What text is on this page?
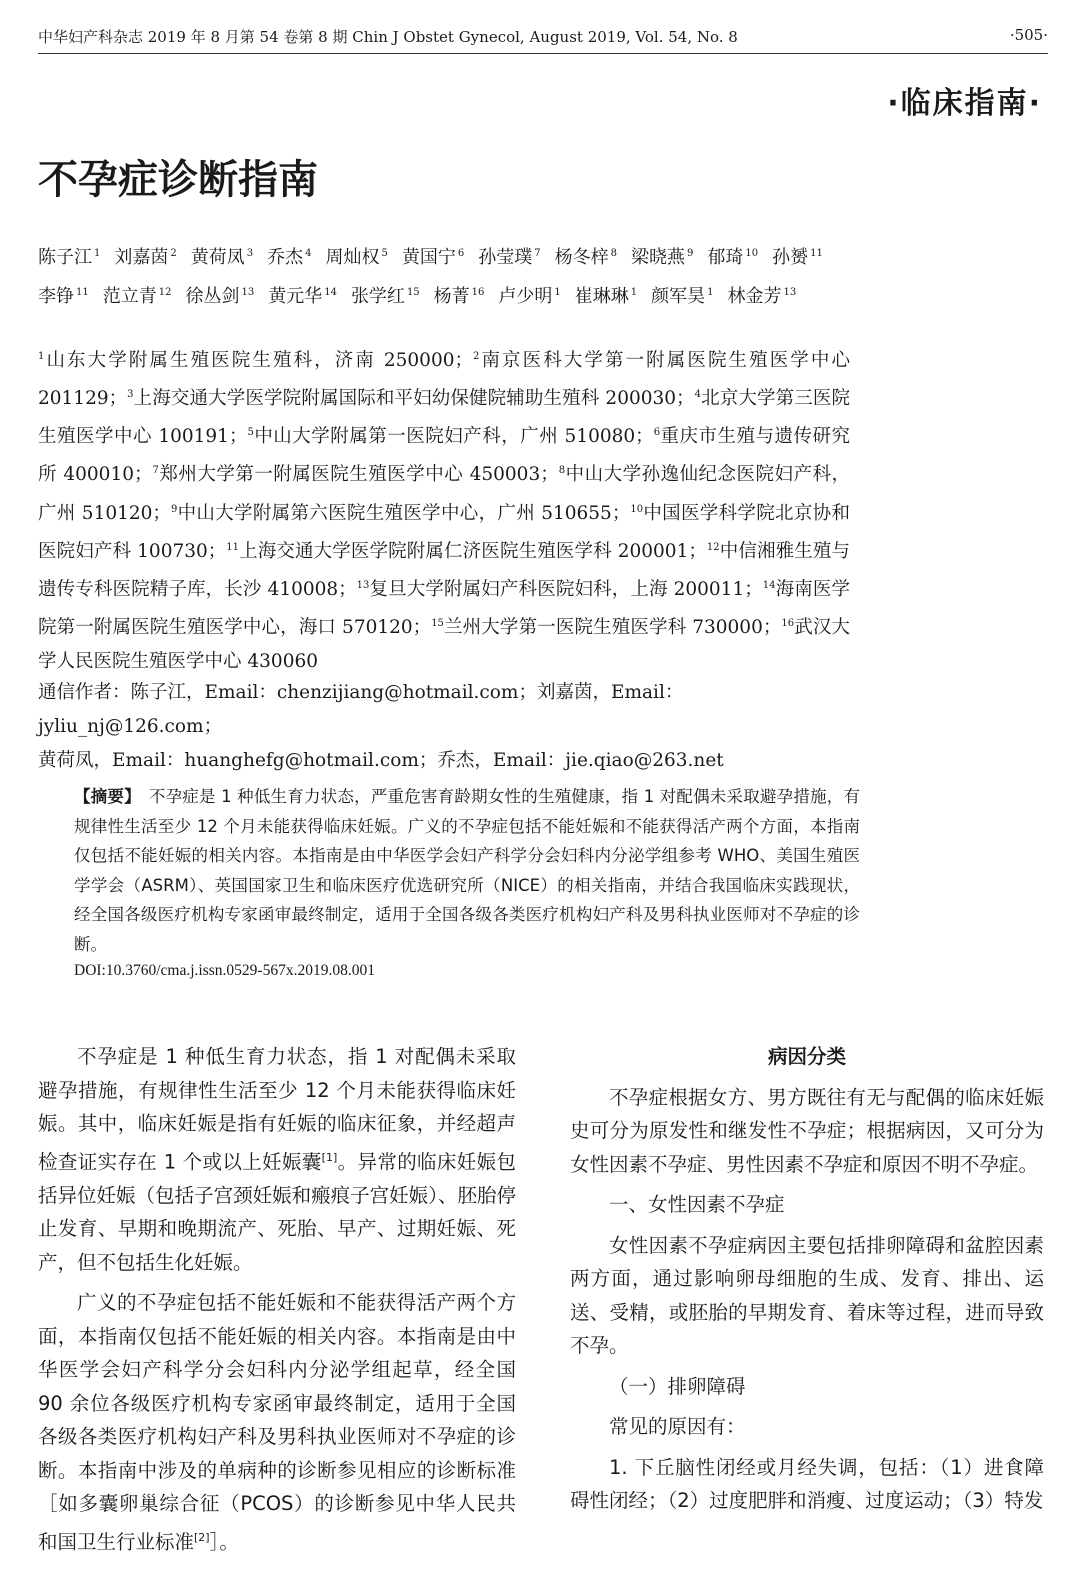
中华妇产科杂志 2019 年 8 月第 54 卷第 8 期 Chin J Obstet Gynecol, August 2019, Vol. 54, No. 8	·505·
·临床指南·
不孕症诊断指南
陈子江 $^1$ 刘嘉茵 $^2$ 黄荷凤 $^3$ 乔杰 $^4$ 周灿权 $^5$ 黄国宁 $^6$ 孙莹璞 $^7$ 杨冬梓 $^8$ 梁晓燕 $^9$ 郁琦 $^{10}$ 孙赟 $^{11}$李铮 $^{11}$ 范立青 $^{12}$ 徐丛剑 $^{13}$ 黄元华 $^{14}$ 张学红 $^{15}$ 杨菁 $^{16}$ 卢少明 $^1$ 崔琳琳 $^1$ 颜军昊 $^1$ 林金芳 $^{13}$
$^1$山东大学附属生殖医院生殖科，济南 250000；$^2$南京医科大学第一附属医院生殖医学中心 201129；$^3$上海交通大学医学院附属国际和平妇幼保健院辅助生殖科 200030；$^4$北京大学第三医院生殖医学中心 100191；$^5$中山大学附属第一医院妇产科，广州 510080；$^6$重庆市生殖与遗传研究所 400010；$^7$郑州大学第一附属医院生殖医学中心 450003；$^8$中山大学孙逸仙纪念医院妇产科，广州 510120；$^9$中山大学附属第六医院生殖医学中心，广州 510655；$^{10}$中国医学科学院北京协和医院妇产科 100730；$^{11}$上海交通大学医学院附属仁济医院生殖医学科 200001；$^{12}$中信湘雅生殖与遗传专科医院精子库，长沙 410008；$^{13}$复旦大学附属妇产科医院妇科，上海 200011；$^{14}$海南医学院第一附属医院生殖医学中心，海口 570120；$^{15}$兰州大学第一医院生殖医学科 730000；$^{16}$武汉大学人民医院生殖医学中心 430060
通信作者：陈子江，Email：chenzijiang@hotmail.com；刘嘉茵，Email：jyliu_nj@126.com；
黄荷凤，Email：huanghefg@hotmail.com；乔杰，Email：jie.qiao@263.net
【摘要】 不孕症是 1 种低生育力状态，严重危害育龄期女性的生殖健康，指 1 对配偶未采取避孕措施，有规律性生活至少 12 个月未能获得临床妊娠。广义的不孕症包括不能妊娠和不能获得活产两个方面，本指南仅包括不能妊娠的相关内容。本指南是由中华医学会妇产科学分会妇科内分泌学组参考 WHO、美国生殖医学学会（ASRM）、英国国家卫生和临床医疗优选研究所（NICE）的相关指南，并结合我国临床实践现状，经全国各级医疗机构专家函审最终制定，适用于全国各级各类医疗机构妇产科及男科执业医师对不孕症的诊断。
DOI:10.3760/cma.j.issn.0529-567x.2019.08.001

不孕症是 1 种低生育力状态，指 1 对配偶未采取避孕措施，有规律性生活至少 12 个月未能获得临床妊娠。其中，临床妊娠是指有妊娠的临床征象，并经超声检查证实存在 1 个或以上妊娠囊[1]。异常的临床妊娠包括异位妊娠（包括子宫颈妊娠和瘢痕子宫妊娠）、胚胎停止发育、早期和晚期流产、死胎、早产、过期妊娠、死产，但不包括生化妊娠。

广义的不孕症包括不能妊娠和不能获得活产两个方面，本指南仅包括不能妊娠的相关内容。本指南是由中华医学会妇产科学分会妇科内分泌学组起草，经全国 90 余位各级医疗机构专家函审最终制定，适用于全国各级各类医疗机构妇产科及男科执业医师对不孕症的诊断。本指南中涉及的单病种的诊断参见相应的诊断标准［如多囊卵巢综合征（PCOS）的诊断参见中华人民共和国卫生行业标准[2]］。

病因分类

不孕症根据女方、男方既往有无与配偶的临床妊娠史可分为原发性和继发性不孕症；根据病因，又可分为女性因素不孕症、男性因素不孕症和原因不明不孕症。

一、女性因素不孕症

女性因素不孕症病因主要包括排卵障碍和盆腔因素两方面，通过影响卵母细胞的生成、发育、排出、运送、受精，或胚胎的早期发育、着床等过程，进而导致不孕。

（一）排卵障碍

常见的原因有：

1. 下丘脑性闭经或月经失调，包括：（1）进食障碍性闭经；（2）过度肥胖和消瘦、过度运动；（3）特发
